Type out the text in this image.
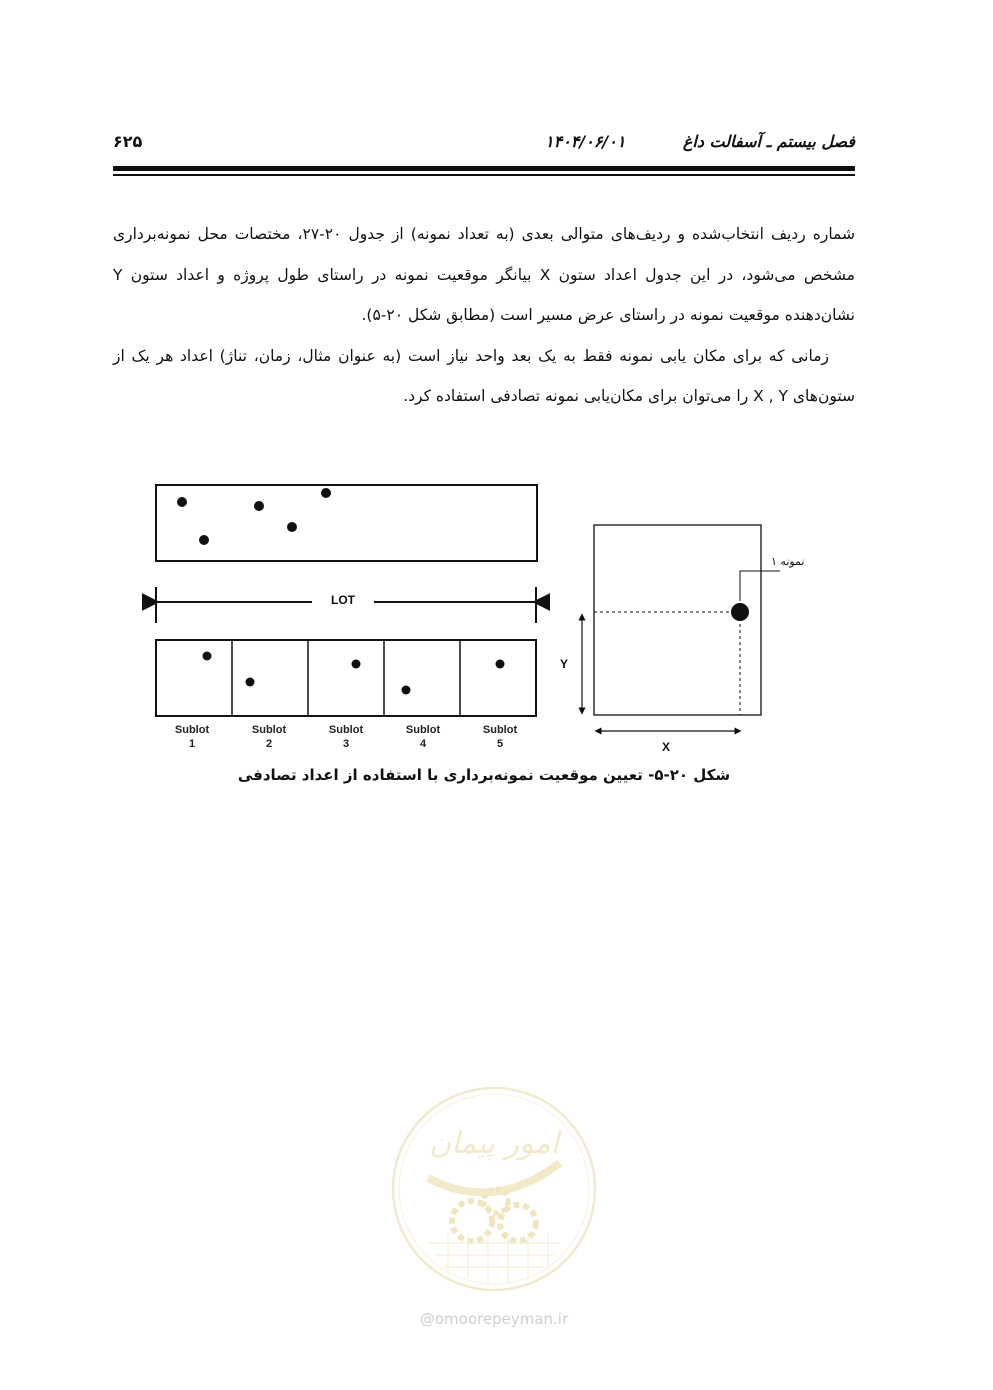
۶۲۵	۱۴۰۴/۰۶/۰۱	فصل بیستم ـ آسفالت داغ

شماره ردیف انتخاب‌شده و ردیف‌های متوالی بعدی (به تعداد نمونه) از جدول ۲۰-۲۷، مختصات محل نمونه‌برداری مشخص می‌شود، در این جدول اعداد ستون X بیانگر موقعیت نمونه در راستای طول پروژه و اعداد ستون Y نشان‌دهنده موقعیت نمونه در راستای عرض مسیر است (مطابق شکل ۲۰-۵).

زمانی که برای مکان یابی نمونه فقط به یک بعد واحد نیاز است (به عنوان مثال، زمان، تناژ) اعداد هر یک از ستون‌های X , Y را می‌توان برای مکان‌یابی نمونه تصادفی استفاده کرد.

LOT
Sublot
1
Sublot
2
Sublot
3
Sublot
4
Sublot
5
نمونه ۱
Y
X
شکل ۲۰-۵- تعیین موقعیت نمونه‌برداری با استفاده از اعداد تصادفی
امور پیمان
@omoorepeyman.ir
